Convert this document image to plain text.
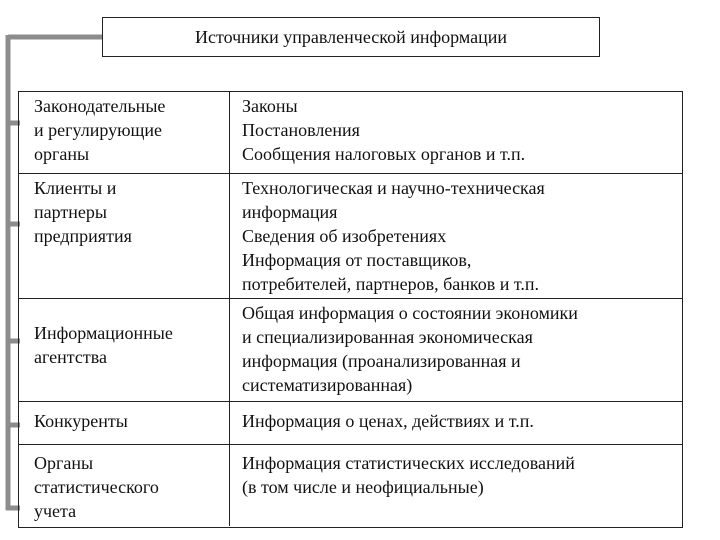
Источники управленческой информации
Законодательные
и регулирующие
органы
Законы
Постановления
Сообщения налоговых органов и т.п.
Клиенты и
партнеры
предприятия
Технологическая и научно-техническая
информация
Сведения об изобретениях
Информация от поставщиков,
потребителей, партнеров, банков и т.п.
Информационные
агентства
Общая информация о состоянии экономики
и специализированная экономическая
информация (проанализированная и
систематизированная)
Конкуренты	Информация о ценах, действиях и т.п.
Органы
статистического
учета
Информация статистических исследований
(в том числе и неофициальные)
